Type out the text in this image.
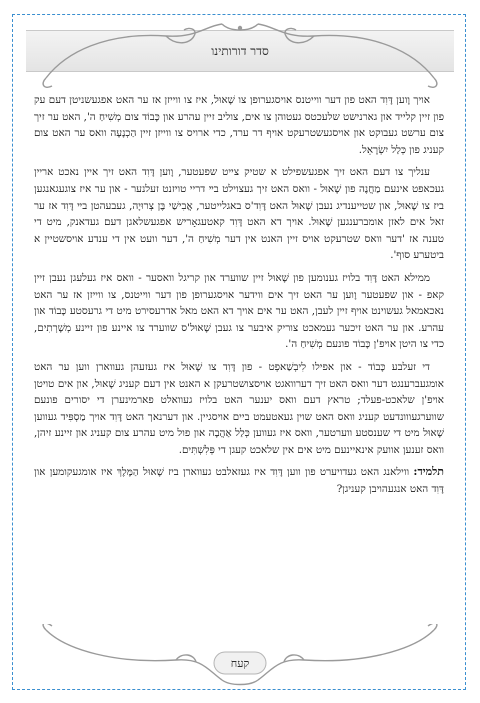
סדר דורותינו

אויך וָוען דָּוִד האט פון דער ווייטנס אויסגערופן צו שָׁאוּל, איז צו ווייזן אז ער האט אפגעשניטן דעם עק פון זיין קלייד און גארנישט שלעכטס געטוהן צו אים, צוליב זיין עהרע און כָּבוֹד צום מְשִׁיחַ ה', האט ער זיך צום ערשט געבוקט און אויסגעשטרעקט אויף דר ערד, כדי ארויס צו ווייזן זיין הַכְנָעָה וואס ער האט צום קעניג פון כְּלַל יִשְׂרָאֵל.

ענליך צו דעם האט זיך אפגעשפילט א שטיק צייט שפעטער, וָוען דָּוִד האט זיך איין נאכט אריין געכאפט אינעם מַחֲנֶה פון שָׁאוּל - וואס האט זיך געצוילט בײ דריי טויזנט זעלנער - און ער איז צוגעגאנגען ביז צו שָׁאוּל, און שטייענדיג נעבן שָׁאוּל האט דָּוִד'ס באגלייטער, אֲבִישַׁי בֶּן צְרוּיָה, געבעהטן בײ דָּוִד אז ער זאל אים לאזן אומברענגען שָׁאוּל. אויך דא האט דָּוִד קאטעגאָריש אפגעשלאגן דעם געדאנק, מיט די טענה אז 'דער וואס שטרעקט אויס זיין האנט אין דער מְשִׁיחַ ה', דער וועט אין די ענדע אויסשטיין א ביטערע סוף'.

ממילא האט דָּוִד בלויז גענומען פון שָׁאוּל זיין שווערד און קריגל וואסער - וואס איז געלעגן נעבן זיין קאפ - און שפעטער וָוען ער האט זיך אים ווידער אויסגערופן פון דער ווייטנס, צו ווייזן אז ער האט נאכאמאל געשוינט אויף זיין לעבן, האט ער אים אויך דא האט מאל אדרעסירט מיט די גרעסטע כָּבוֹד און עהרע. און ער האט זיכער געמאכט צוריק איבער צו געבן שָׁאוּל'ס שווערד צו איינע פון זיינע מְשָׁרְתִים, כדי צו היטן אויפ'ן כָּבוֹד פונעם מְשִׁיחַ ה'.

די זעלבע כָּבוֹד - און אפילו לִיבְשַׁאפְט - פון דָּוִד צו שָׁאוּל איז געזעהן געווארן ווען ער האט אומגעברענגט דער וואס האט זיך דערוואגט אויסצושטרעקן א האנט אין דעם קעניג שָׁאוּל, און אים טויטן אויפ'ן שלאכט-פעלד; טראץ דעם וואס יענער האט בלויז געוואלט פארמינערן די יסורים פונעם שווערגעווונדעט קעניג וואס האט שוין געאטעמט ביים אויסגיין. און דערנאך האט דָּוִד אויך מַסְפִּיד געווען שָׁאוּל מיט די שענסטע ווערטער, וואס איז געווען כְּלַל אַהֲבָה און פול מיט עהרע צום קעניג און זיינע זיהן, וואס זענען אוועק אינאיינעם מיט אים אין שלאכט קעגן די פְּלִשְׁתִּים.

תלמיד: ווילאנג האט געדויערט פון ווען דָּוִד איז געזאלבט געווארן ביז שָׁאוּל הַמֶּלֶךְ איז אומגעקומען און דָּוִד האט אנגעהויבן קעניגן?

קעח
